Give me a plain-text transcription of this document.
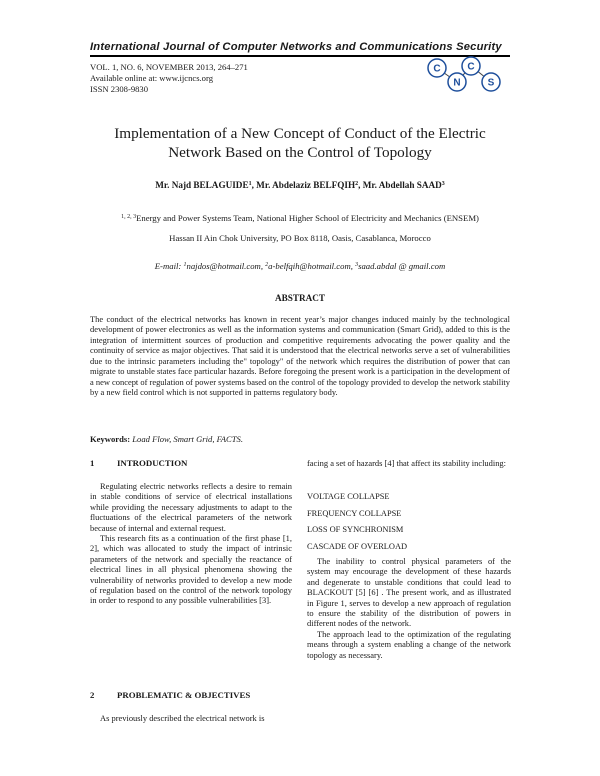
International Journal of Computer Networks and Communications Security
VOL. 1, NO. 6, NOVEMBER 2013, 264–271
Available online at: www.ijcncs.org
ISSN 2308-9830
C
N
C
S
Implementation of a New Concept of Conduct of the Electric
Network Based on the Control of Topology
Mr. Najd BELAGUIDE$^1$, Mr. Abdelaziz BELFQIH$^2$, Mr. Abdellah SAAD$^3$
$^{1, 2, 3}$Energy and Power Systems Team, National Higher School of Electricity and Mechanics (ENSEM)
Hassan II Ain Chok University, PO Box 8118, Oasis, Casablanca, Morocco
E-mail: $^1$najdos@hotmail.com, $^2$a-belfqih@hotmail.com, $^3$saad.abdal @ gmail.com
ABSTRACT
The conduct of the electrical networks has known in recent year’s major changes induced mainly by the technological development of power electronics as well as the information systems and communication (Smart Grid), added to this is the integration of intermittent sources of production and competitive requirements advocating the power quality and the continuity of service as major objectives. That said it is understood that the electrical networks serve a set of vulnerabilities due to the intrinsic parameters including the" topology" of the network which requires the distribution of power that can migrate to unstable states face particular hazards. Before foregoing the present work is a participation in the development of a new concept of regulation of power systems based on the control of the topology provided to develop the network stability by a new field control which is not supported in patterns regulatory body.
Keywords: Load Flow, Smart Grid, FACTS.
1	INTRODUCTION

Regulating electric networks reflects a desire to remain in stable conditions of service of electrical installations while providing the necessary adjustments to adapt to the fluctuations of the electrical parameters of the network because of internal and external request.

This research fits as a continuation of the first phase [1, 2], which was allocated to study the impact of intrinsic parameters of the network and specially the reactance of electrical lines in all physical phenomena showing the vulnerability of networks provided to develop a new mode of regulation based on the control of the network topology in order to respond to any possible vulnerabilities [3].

2	PROBLEMATIC & OBJECTIVES

As previously described the electrical network is

facing a set of hazards [4] that affect its stability including:

VOLTAGE COLLAPSE
FREQUENCY COLLAPSE
LOSS OF SYNCHRONISM
CASCADE OF OVERLOAD

The inability to control physical parameters of the system may encourage the development of these hazards and degenerate to unstable conditions that could lead to BLACKOUT [5] [6] . The present work, and as illustrated in Figure 1, serves to develop a new approach of regulation to ensure the stability of the distribution of powers in different nodes of the network.

The approach lead to the optimization of the regulating means through a system enabling a change of the network topology as necessary.
